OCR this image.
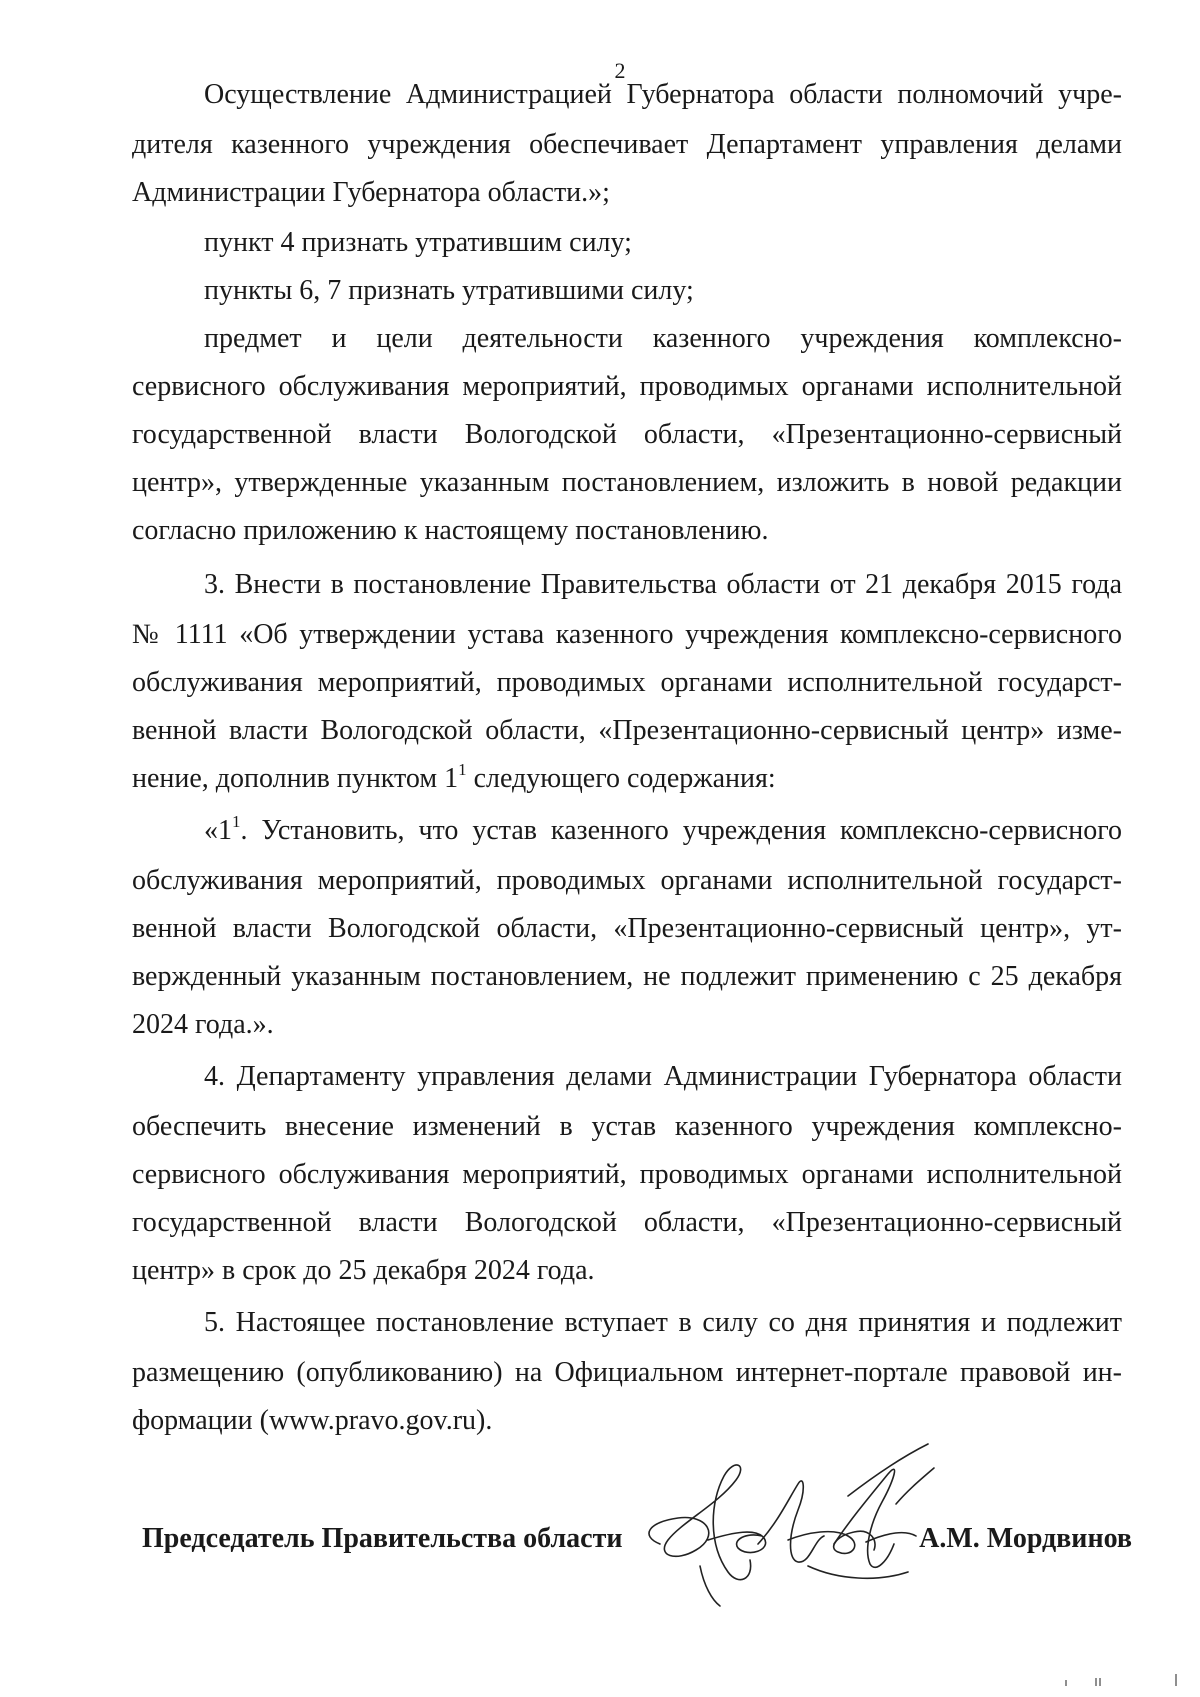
2
Осуществление Администрацией Губернатора области полномочий учре-
дителя казенного учреждения обеспечивает Департамент управления делами
Администрации Губернатора области.»;
пункт 4 признать утратившим силу;
пункты 6, 7 признать утратившими силу;
предмет и цели деятельности казенного учреждения комплексно-
сервисного обслуживания мероприятий, проводимых органами исполнительной
государственной власти Вологодской области, «Презентационно-сервисный
центр», утвержденные указанным постановлением, изложить в новой редакции
согласно приложению к настоящему постановлению.
3. Внести в постановление Правительства области от 21 декабря 2015 года
№ 1111 «Об утверждении устава казенного учреждения комплексно-сервисного
обслуживания мероприятий, проводимых органами исполнительной государст-
венной власти Вологодской области, «Презентационно-сервисный центр» изме-
нение, дополнив пунктом $1^1$ следующего содержания:
«$1^1$. Установить, что устав казенного учреждения комплексно-сервисного
обслуживания мероприятий, проводимых органами исполнительной государст-
венной власти Вологодской области, «Презентационно-сервисный центр», ут-
вержденный указанным постановлением, не подлежит применению с 25 декабря
2024 года.».
4. Департаменту управления делами Администрации Губернатора области
обеспечить внесение изменений в устав казенного учреждения комплексно-
сервисного обслуживания мероприятий, проводимых органами исполнительной
государственной власти Вологодской области, «Презентационно-сервисный
центр» в срок до 25 декабря 2024 года.
5. Настоящее постановление вступает в силу со дня принятия и подлежит
размещению (опубликованию) на Официальном интернет-портале правовой ин-
формации (www.pravo.gov.ru).
Председатель Правительства области	А.М. Мордвинов
